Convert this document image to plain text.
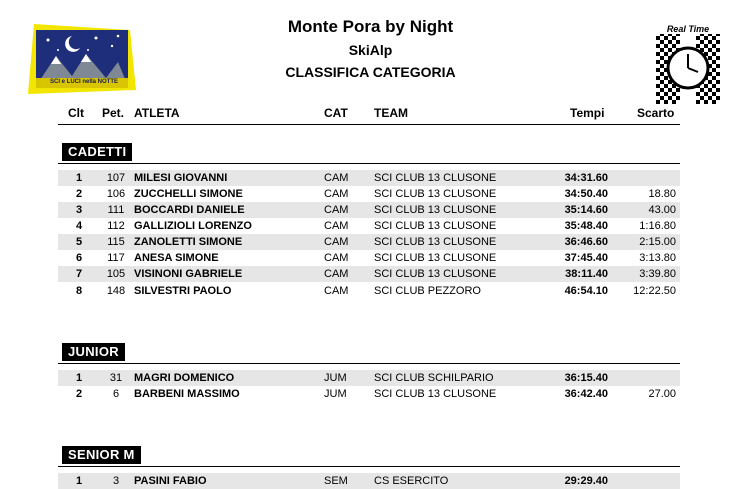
SCI e LUCI nella NOTTE
Real Time
Monte Pora by Night
SkiAlp
CLASSIFICA CATEGORIA
Clt Pet. ATLETA	CAT TEAM	Tempi	Scarto
CADETTI
1	107 MILESI GIOVANNI	CAM SCI CLUB 13 CLUSONE	34:31.60
2	106 ZUCCHELLI SIMONE	CAM SCI CLUB 13 CLUSONE	34:50.40	18.80
3	111 BOCCARDI DANIELE	CAM SCI CLUB 13 CLUSONE	35:14.60	43.00
4	112 GALLIZIOLI LORENZO	CAM SCI CLUB 13 CLUSONE	35:48.40	1:16.80
5	115 ZANOLETTI SIMONE	CAM SCI CLUB 13 CLUSONE	36:46.60	2:15.00
6	117 ANESA SIMONE	CAM SCI CLUB 13 CLUSONE	37:45.40	3:13.80
7	105 VISINONI GABRIELE	CAM SCI CLUB 13 CLUSONE	38:11.40	3:39.80
8	148 SILVESTRI PAOLO	CAM SCI CLUB PEZZORO	46:54.10	12:22.50
JUNIOR
1	31	MAGRI DOMENICO	JUM SCI CLUB SCHILPARIO	36:15.40
2	6	BARBENI MASSIMO	JUM SCI CLUB 13 CLUSONE	36:42.40	27.00
SENIOR M
1	3	PASINI FABIO	SEM CS ESERCITO	29:29.40
